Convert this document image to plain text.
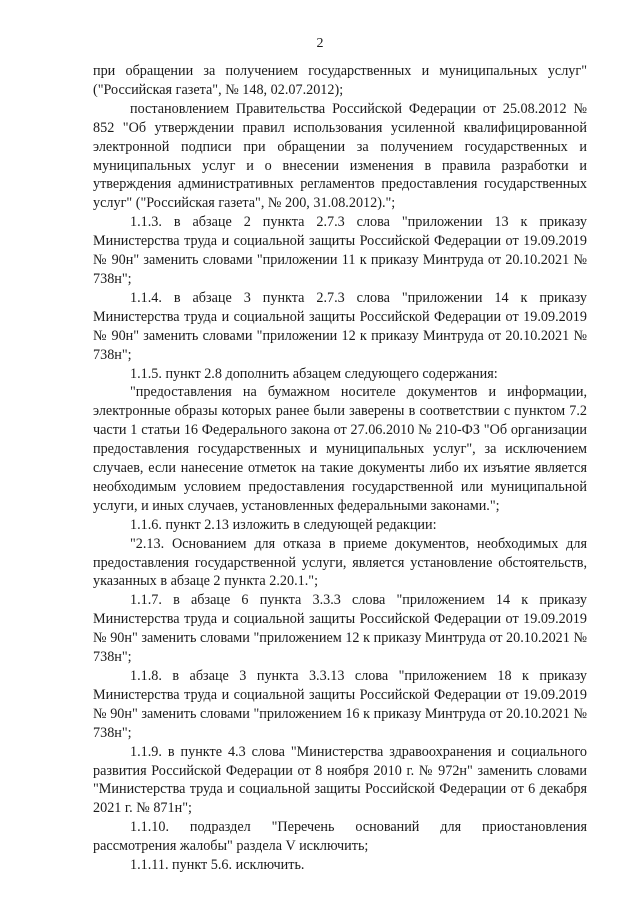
2

при обращении за получением государственных и муниципальных услуг" ("Российская газета", № 148, 02.07.2012);

постановлением Правительства Российской Федерации от 25.08.2012 № 852 "Об утверждении правил использования усиленной квалифицированной электронной подписи при обращении за получением государственных и муниципальных услуг и о внесении изменения в правила разработки и утверждения административных регламентов предоставления государственных услуг" ("Российская газета", № 200, 31.08.2012).";

1.1.3. в абзаце 2 пункта 2.7.3 слова "приложении 13 к приказу Министерства труда и социальной защиты Российской Федерации от 19.09.2019 № 90н" заменить словами "приложении 11 к приказу Минтруда от 20.10.2021 № 738н";

1.1.4. в абзаце 3 пункта 2.7.3 слова "приложении 14 к приказу Министерства труда и социальной защиты Российской Федерации от 19.09.2019 № 90н" заменить словами "приложении 12 к приказу Минтруда от 20.10.2021 № 738н";

1.1.5. пункт 2.8 дополнить абзацем следующего содержания:

"предоставления на бумажном носителе документов и информации, электронные образы которых ранее были заверены в соответствии с пунктом 7.2 части 1 статьи 16 Федерального закона от 27.06.2010 № 210-ФЗ "Об организации предоставления государственных и муниципальных услуг", за исключением случаев, если нанесение отметок на такие документы либо их изъятие является необходимым условием предоставления государственной или муниципальной услуги, и иных случаев, установленных федеральными законами.";

1.1.6. пункт 2.13 изложить в следующей редакции:

"2.13. Основанием для отказа в приеме документов, необходимых для предоставления государственной услуги, является установление обстоятельств, указанных в абзаце 2 пункта 2.20.1.";

1.1.7. в абзаце 6 пункта 3.3.3 слова "приложением 14 к приказу Министерства труда и социальной защиты Российской Федерации от 19.09.2019 № 90н" заменить словами "приложением 12 к приказу Минтруда от 20.10.2021 № 738н";

1.1.8. в абзаце 3 пункта 3.3.13 слова "приложением 18 к приказу Министерства труда и социальной защиты Российской Федерации от 19.09.2019 № 90н" заменить словами "приложением 16 к приказу Минтруда от 20.10.2021 № 738н";

1.1.9. в пункте 4.3 слова "Министерства здравоохранения и социального развития Российской Федерации от 8 ноября 2010 г. № 972н" заменить словами "Министерства труда и социальной защиты Российской Федерации от 6 декабря 2021 г. № 871н";

1.1.10. подраздел "Перечень оснований для приостановления рассмотрения жалобы" раздела V исключить;

1.1.11. пункт 5.6. исключить.
